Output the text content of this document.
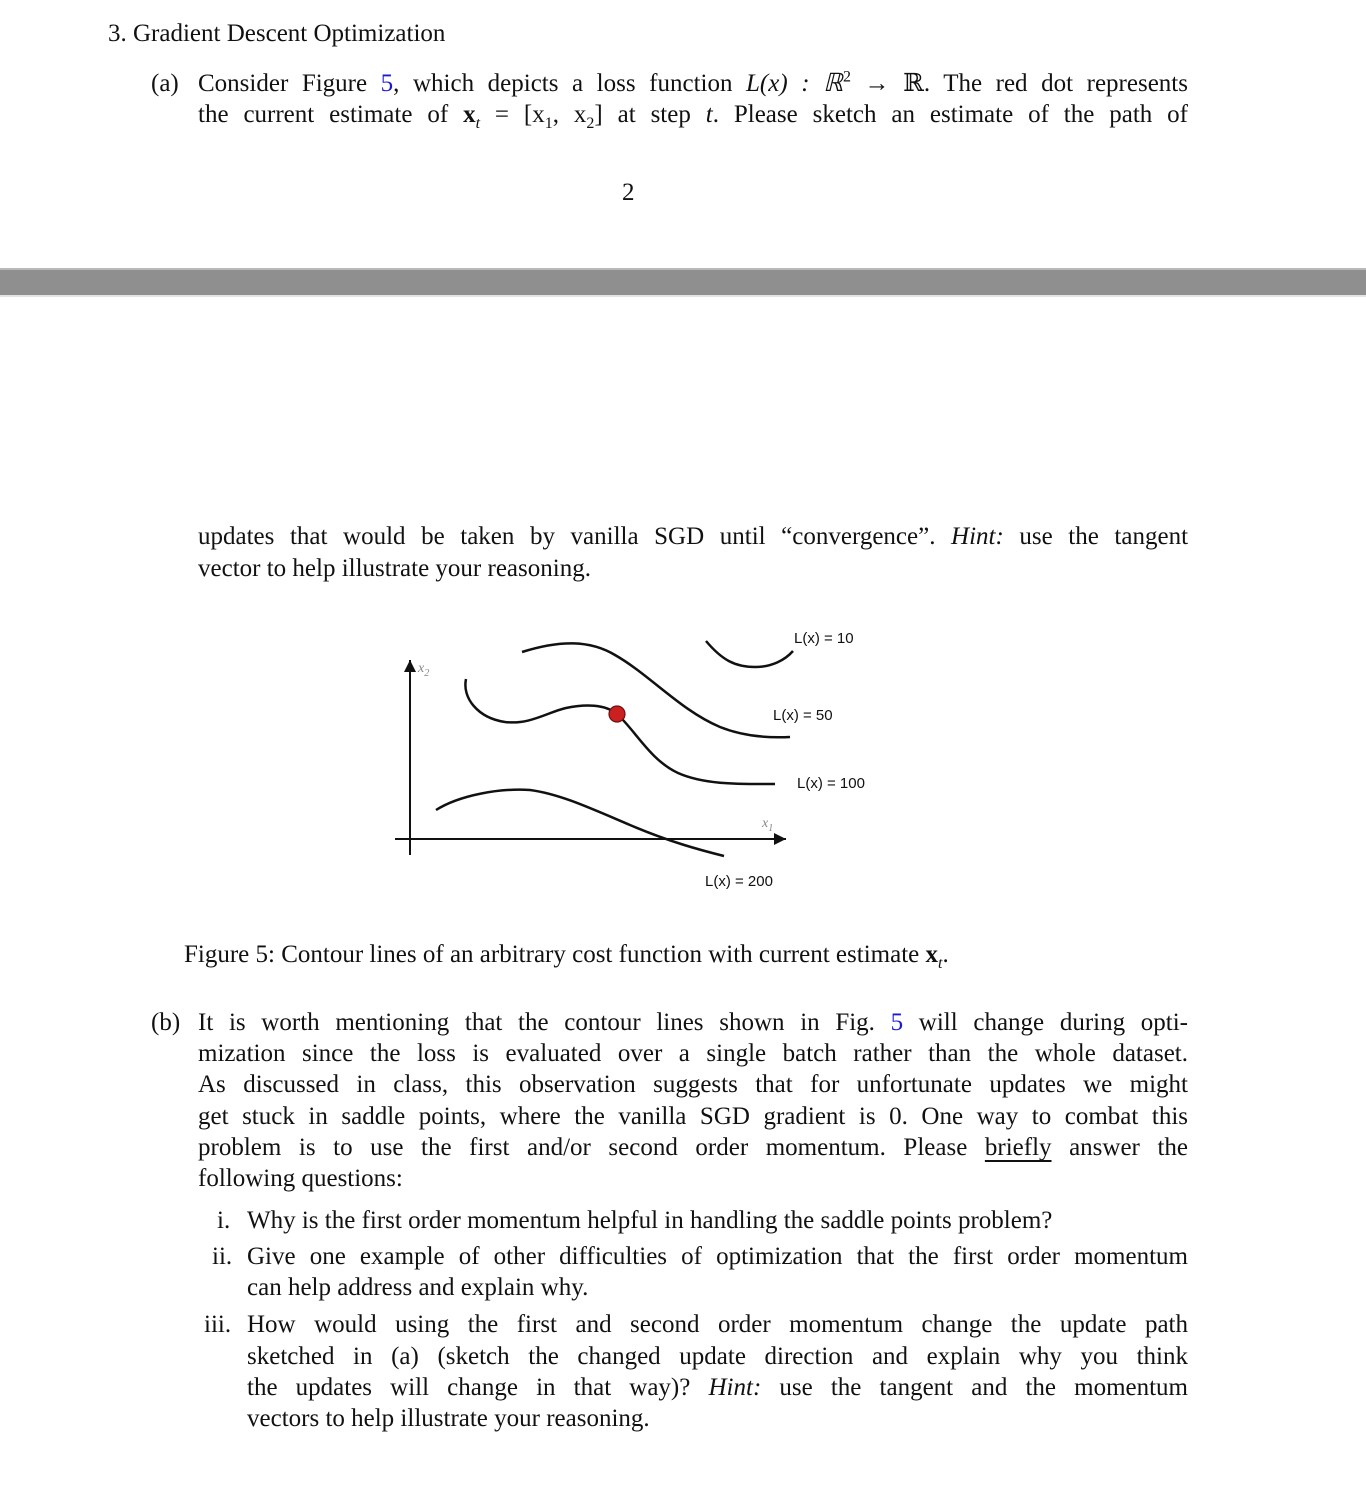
3. Gradient Descent Optimization
(a) Consider Figure 5, which depicts a loss function L(x) : ℝ$^2$ → ℝ. The red dot represents
the current estimate of $x_t = [x_1$, $x_2$] at step t. Please sketch an estimate of the path of
2
updates that would be taken by vanilla SGD until “convergence”. Hint: use the tangent
vector to help illustrate your reasoning.
L(x) = 10
L(x) = 50
L(x) = 100
L(x) = 200
$x_2$
$x_1$
Figure 5: Contour lines of an arbitrary cost function with current estimate $x_t$.
(b) It is worth mentioning that the contour lines shown in Fig. 5 will change during opti-
mization since the loss is evaluated over a single batch rather than the whole dataset.
As discussed in class, this observation suggests that for unfortunate updates we might
get stuck in saddle points, where the vanilla SGD gradient is 0. One way to combat this
problem is to use the first and/or second order momentum. Please briefly answer the
following questions:
i. Why is the first order momentum helpful in handling the saddle points problem?
ii. Give one example of other difficulties of optimization that the first order momentum
can help address and explain why.
iii. How would using the first and second order momentum change the update path
sketched in (a) (sketch the changed update direction and explain why you think
the updates will change in that way)? Hint: use the tangent and the momentum
vectors to help illustrate your reasoning.
